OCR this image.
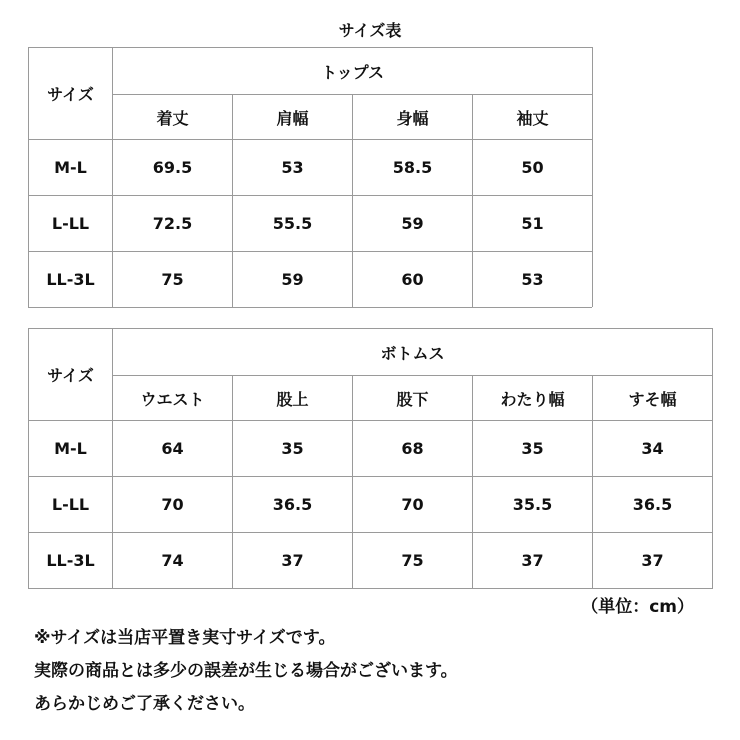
サイズ表
サイズ	トップス				
	着丈	肩幅	身幅	袖丈	
M-L	69.5	53	58.5	50	
L-LL	72.5	55.5	59	51	
LL-3L	75	59	60	53	
サイズ	ボトムス				
	ウエスト	股上	股下	わたり幅	すそ幅
M-L	64	35	68	35	34
L-LL	70	36.5	70	35.5	36.5
LL-3L	74	37	75	37	37
（単位：cm）
※サイズは当店平置き実寸サイズです。
実際の商品とは多少の誤差が生じる場合がございます。
あらかじめご了承ください。
